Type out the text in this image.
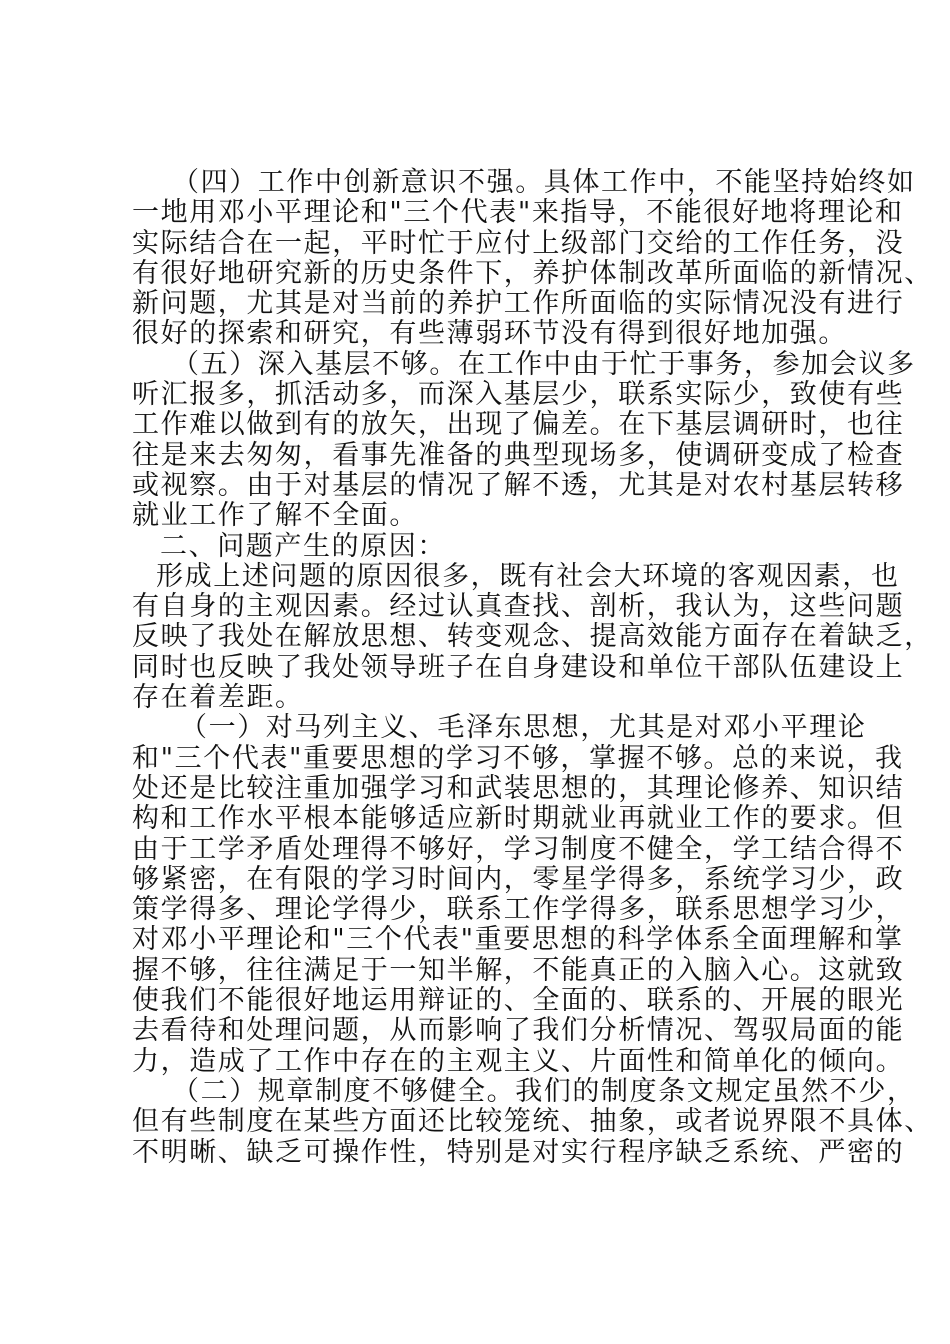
（四）工作中创新意识不强。具体工作中，不能坚持始终如
一地用邓小平理论和"三个代表"来指导，不能很好地将理论和
实际结合在一起，平时忙于应付上级部门交给的工作任务，没
有很好地研究新的历史条件下，养护体制改革所面临的新情况、
新问题，尤其是对当前的养护工作所面临的实际情况没有进行
很好的探索和研究，有些薄弱环节没有得到很好地加强。
（五）深入基层不够。在工作中由于忙于事务，参加会议多
听汇报多，抓活动多，而深入基层少，联系实际少，致使有些
工作难以做到有的放矢，出现了偏差。在下基层调研时，也往
往是来去匆匆，看事先准备的典型现场多，使调研变成了检查
或视察。由于对基层的情况了解不透，尤其是对农村基层转移
就业工作了解不全面。
二、问题产生的原因：
形成上述问题的原因很多，既有社会大环境的客观因素，也
有自身的主观因素。经过认真查找、剖析，我认为，这些问题
反映了我处在解放思想、转变观念、提高效能方面存在着缺乏，
同时也反映了我处领导班子在自身建设和单位干部队伍建设上
存在着差距。
（一）对马列主义、毛泽东思想，尤其是对邓小平理论
和"三个代表"重要思想的学习不够，掌握不够。总的来说，我
处还是比较注重加强学习和武装思想的，其理论修养、知识结
构和工作水平根本能够适应新时期就业再就业工作的要求。但
由于工学矛盾处理得不够好，学习制度不健全，学工结合得不
够紧密，在有限的学习时间内，零星学得多，系统学习少，政
策学得多、理论学得少，联系工作学得多，联系思想学习少，
对邓小平理论和"三个代表"重要思想的科学体系全面理解和掌
握不够，往往满足于一知半解，不能真正的入脑入心。这就致
使我们不能很好地运用辩证的、全面的、联系的、开展的眼光
去看待和处理问题，从而影响了我们分析情况、驾驭局面的能
力，造成了工作中存在的主观主义、片面性和简单化的倾向。
（二）规章制度不够健全。我们的制度条文规定虽然不少，
但有些制度在某些方面还比较笼统、抽象，或者说界限不具体、
不明晰、缺乏可操作性，特别是对实行程序缺乏系统、严密的
